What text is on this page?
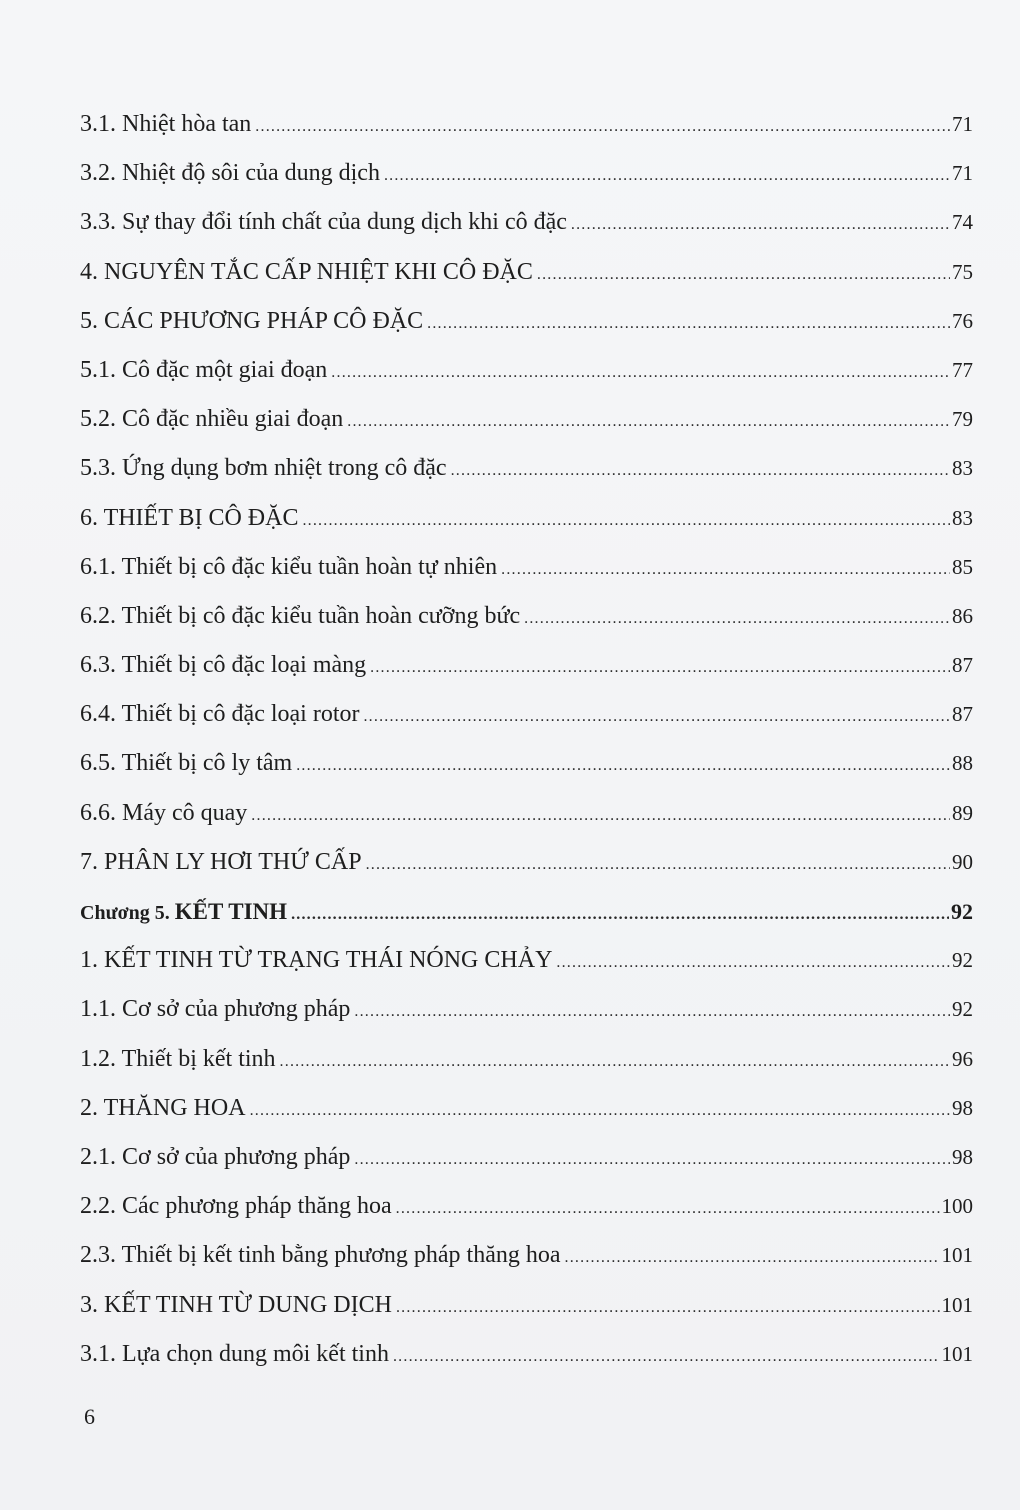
3.1. Nhiệt hòa tan .....	71
3.2. Nhiệt độ sôi của dung dịch .....	71
3.3. Sự thay đổi tính chất của dung dịch khi cô đặc .....	74
4. NGUYÊN TẮC CẤP NHIỆT KHI CÔ ĐẶC .....	75
5. CÁC PHƯƠNG PHÁP CÔ ĐẶC .....	76
5.1. Cô đặc một giai đoạn .....	77
5.2. Cô đặc nhiều giai đoạn .....	79
5.3. Ứng dụng bơm nhiệt trong cô đặc .....	83
6. THIẾT BỊ CÔ ĐẶC .....	83
6.1. Thiết bị cô đặc kiểu tuần hoàn tự nhiên .....	85
6.2. Thiết bị cô đặc kiểu tuần hoàn cưỡng bức .....	86
6.3. Thiết bị cô đặc loại màng .....	87
6.4. Thiết bị cô đặc loại rotor .....	87
6.5. Thiết bị cô ly tâm .....	88
6.6. Máy cô quay .....	89
7. PHÂN LY HƠI THỨ CẤP .....	90
Chương 5. KẾT TINH .....	92
1. KẾT TINH TỪ TRẠNG THÁI NÓNG CHẢY .....	92
1.1. Cơ sở của phương pháp .....	92
1.2. Thiết bị kết tinh .....	96
2. THĂNG HOA .....	98
2.1. Cơ sở của phương pháp .....	98
2.2. Các phương pháp thăng hoa .....	100
2.3. Thiết bị kết tinh bằng phương pháp thăng hoa .....	101
3. KẾT TINH TỪ DUNG DỊCH .....	101
3.1. Lựa chọn dung môi kết tinh .....	101
6
